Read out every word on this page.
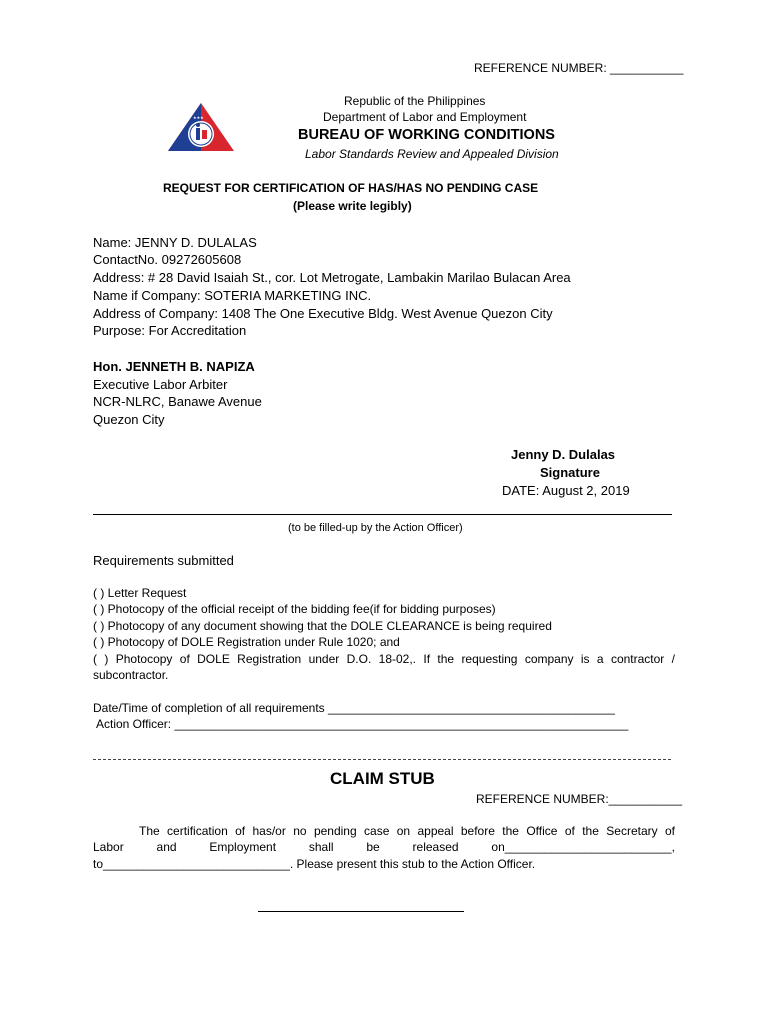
REFERENCE NUMBER: ___________
★★★
Republic of the Philippines
Department of Labor and Employment
BUREAU OF WORKING CONDITIONS
Labor Standards Review and Appealed Division
REQUEST FOR CERTIFICATION OF HAS/HAS NO PENDING CASE
(Please write legibly)
Name: JENNY D. DULALAS
ContactNo. 09272605608
Address: # 28 David Isaiah St., cor. Lot Metrogate, Lambakin Marilao Bulacan Area
Name if Company: SOTERIA MARKETING INC.
Address of Company: 1408 The One Executive Bldg. West Avenue Quezon City
Purpose: For Accreditation
Hon. JENNETH B. NAPIZA
Executive Labor Arbiter
NCR-NLRC, Banawe Avenue
Quezon City
Jenny D. Dulalas
Signature
DATE: August 2, 2019
(to be filled-up by the Action Officer)
Requirements submitted
( ) Letter Request
( ) Photocopy of the official receipt of the bidding fee(if for bidding purposes)
( ) Photocopy of any document showing that the DOLE CLEARANCE is being required
( ) Photocopy of DOLE Registration under Rule 1020; and
( ) Photocopy of DOLE Registration under D.O. 18-02,. If the requesting company is a contractor /
subcontractor.
Date/Time of completion of all requirements ___________________________________________
Action Officer: ____________________________________________________________________
CLAIM STUB
REFERENCE NUMBER:___________
The certification of has/or no pending case on appeal before the Office of the Secretary of
Labor	and	Employment	shall	be	released	on_________________________,
to____________________________. Please present this stub to the Action Officer.
